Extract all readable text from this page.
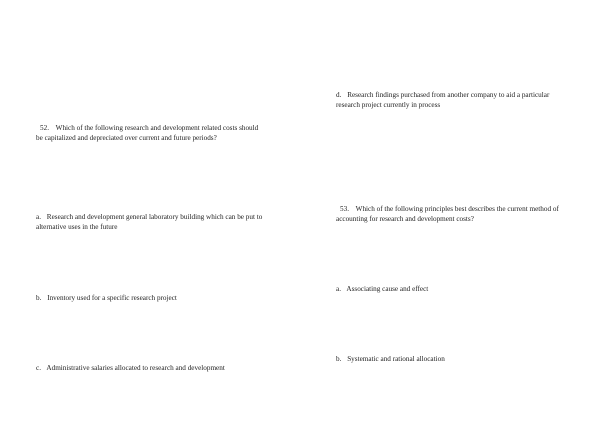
52. Which of the following research and development related costs should be capitalized and depreciated over current and future periods?
a. Research and development general laboratory building which can be put to alternative uses in the future
b. Inventory used for a specific research project
c. Administrative salaries allocated to research and development
d. Research findings purchased from another company to aid a particular research project currently in process
53. Which of the following principles best describes the current method of accounting for research and development costs?
a. Associating cause and effect
b. Systematic and rational allocation
